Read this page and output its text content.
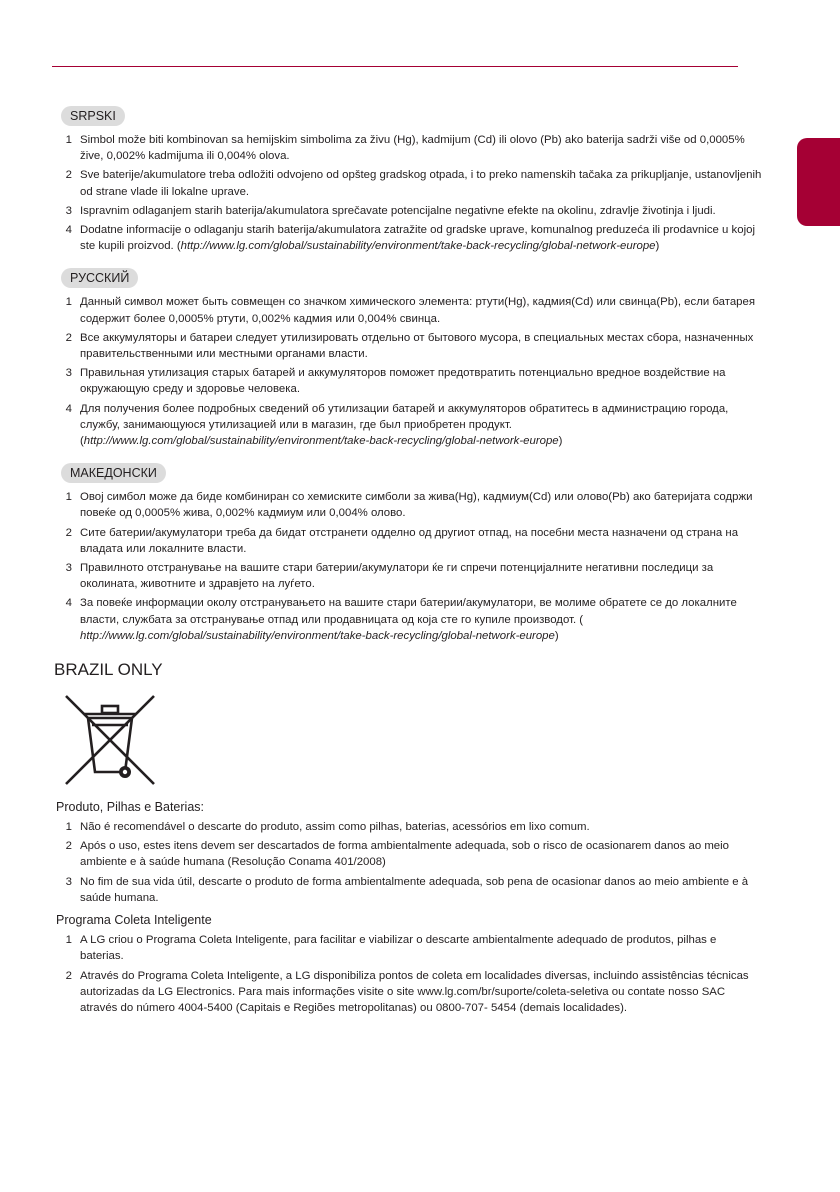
SRPSKI
1 Simbol može biti kombinovan sa hemijskim simbolima za živu (Hg), kadmijum (Cd) ili olovo (Pb) ako baterija sadrži više od 0,0005% žive, 0,002% kadmijuma ili 0,004% olova.
2 Sve baterije/akumulatore treba odložiti odvojeno od opšteg gradskog otpada, i to preko namenskih tačaka za prikupljanje, ustanovljenih od strane vlade ili lokalne uprave.
3 Ispravnim odlaganjem starih baterija/akumulatora sprečavate potencijalne negativne efekte na okolinu, zdravlje životinja i ljudi.
4 Dodatne informacije o odlaganju starih baterija/akumulatora zatražite od gradske uprave, komunalnog preduzeća ili prodavnice u kojoj ste kupili proizvod. (http://www.lg.com/global/sustainability/environment/take-back-recycling/global-network-europe)
РУССКИЙ
1 Данный символ может быть совмещен со значком химического элемента: ртути(Hg), кадмия(Cd) или свинца(Pb), если батарея содержит более 0,0005% ртути, 0,002% кадмия или 0,004% свинца.
2 Все аккумуляторы и батареи следует утилизировать отдельно от бытового мусора, в специальных местах сбора, назначенных правительственными или местными органами власти.
3 Правильная утилизация старых батарей и аккумуляторов поможет предотвратить потенциально вредное воздействие на окружающую среду и здоровье человека.
4 Для получения более подробных сведений об утилизации батарей и аккумуляторов обратитесь в администрацию города, службу, занимающуюся утилизацией или в магазин, где был приобретен продукт. (http://www.lg.com/global/sustainability/environment/take-back-recycling/global-network-europe)
МАКЕДОНСКИ
1 Овој симбол може да биде комбиниран со хемиските симболи за жива(Hg), кадмиум(Cd) или олово(Pb) ако батеријата содржи повеќе од 0,0005% жива, 0,002% кадмиум или 0,004% олово.
2 Сите батерии/акумулатори треба да бидат отстранети одделно од другиот отпад, на посебни места назначени од страна на владата или локалните власти.
3 Правилното отстранување на вашите стари батерии/акумулатори ќе ги спречи потенцијалните негативни последици за околината, животните и здравјето на луѓето.
4 За повеќе информации околу отстранувањето на вашите стари батерии/акумулатори, ве молиме обратете се до локалните власти, службата за отстранување отпад или продавницата од која сте го купиле производот. (
http://www.lg.com/global/sustainability/environment/take-back-recycling/global-network-europe)
BRAZIL ONLY
Produto, Pilhas e Baterias:
1 Não é recomendável o descarte do produto, assim como pilhas, baterias, acessórios em lixo comum.
2 Após o uso, estes itens devem ser descartados de forma ambientalmente adequada, sob o risco de ocasionarem danos ao meio ambiente e à saúde humana (Resolução Conama 401/2008)
3 No fim de sua vida útil, descarte o produto de forma ambientalmente adequada, sob pena de ocasionar danos ao meio ambiente e à saúde humana.
Programa Coleta Inteligente
1 A LG criou o Programa Coleta Inteligente, para facilitar e viabilizar o descarte ambientalmente adequado de produtos, pilhas e baterias.
2 Através do Programa Coleta Inteligente, a LG disponibiliza pontos de coleta em localidades diversas, incluindo assistências técnicas autorizadas da LG Electronics. Para mais informações visite o site www.lg.com/br/suporte/coleta-seletiva ou contate nosso SAC através do número 4004-5400 (Capitais e Regiões metropolitanas) ou 0800-707- 5454 (demais localidades).
